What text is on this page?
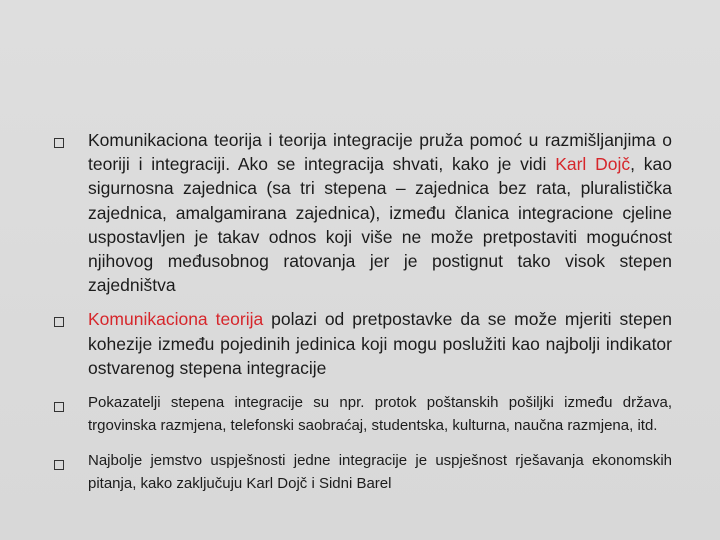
Komunikaciona teorija i teorija integracije pruža pomoć u razmišljanjima o teoriji i integraciji. Ako se integracija shvati, kako je vidi Karl Dojč, kao sigurnosna zajednica (sa tri stepena – zajednica bez rata, pluralistička zajednica, amalgamirana zajednica), između članica integracione cjeline uspostavljen je takav odnos koji više ne može pretpostaviti mogućnost njihovog međusobnog ratovanja jer je postignut tako visok stepen zajedništva
Komunikaciona teorija polazi od pretpostavke da se može mjeriti stepen kohezije između pojedinih jedinica koji mogu poslužiti kao najbolji indikator ostvarenog stepena integracije
Pokazatelji stepena integracije su npr. protok poštanskih pošiljki između država, trgovinska razmjena, telefonski saobraćaj, studentska, kulturna, naučna razmjena, itd.
Najbolje jemstvo uspješnosti jedne integracije je uspješnost rješavanja ekonomskih pitanja, kako zaključuju Karl Dojč i Sidni Barel
